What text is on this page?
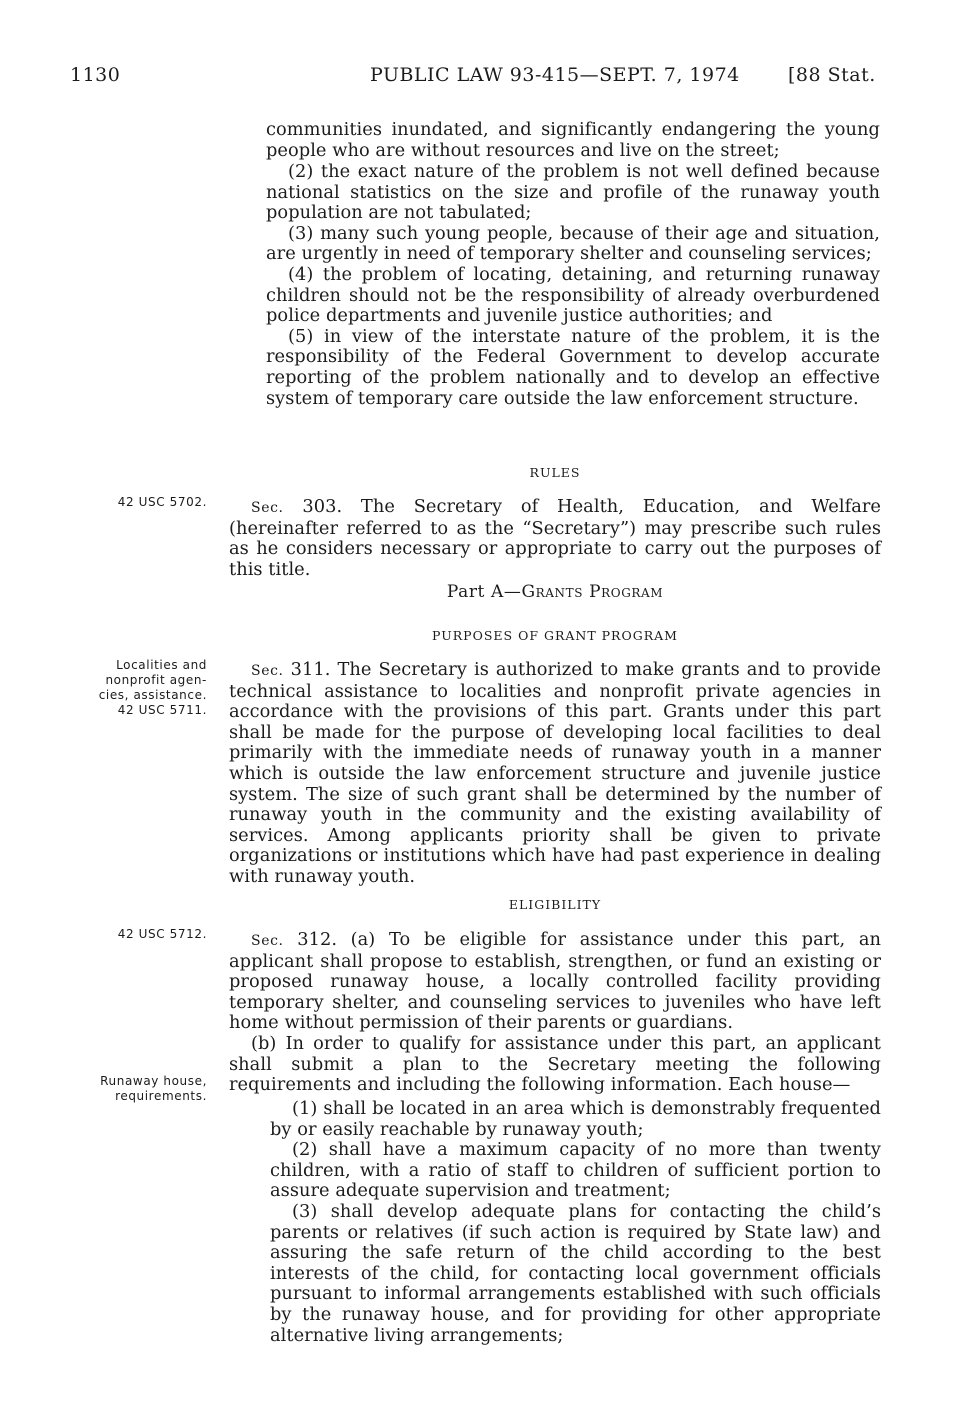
1130	PUBLIC LAW 93-415—SEPT. 7, 1974	[88 Stat.

communities inundated, and significantly endangering the young people who are without resources and live on the street;

(2) the exact nature of the problem is not well defined because national statistics on the size and profile of the runaway youth population are not tabulated;

(3) many such young people, because of their age and situation, are urgently in need of temporary shelter and counseling services;

(4) the problem of locating, detaining, and returning runaway children should not be the responsibility of already overburdened police departments and juvenile justice authorities; and

(5) in view of the interstate nature of the problem, it is the responsibility of the Federal Government to develop accurate reporting of the problem nationally and to develop an effective system of temporary care outside the law enforcement structure.

RULES
42 USC 5702.	Sec. 303. The Secretary of Health, Education, and Welfare (hereinafter referred to as the “Secretary”) may prescribe such rules as he considers necessary or appropriate to carry out the purposes of this title.
Part A—Grants Program
PURPOSES OF GRANT PROGRAM
Localities and
nonprofit agen-
cies, assistance.
42 USC 5711.
Sec. 311. The Secretary is authorized to make grants and to provide technical assistance to localities and nonprofit private agencies in accordance with the provisions of this part. Grants under this part shall be made for the purpose of developing local facilities to deal primarily with the immediate needs of runaway youth in a manner which is outside the law enforcement structure and juvenile justice system. The size of such grant shall be determined by the number of runaway youth in the community and the existing availability of services. Among applicants priority shall be given to private organizations or institutions which have had past experience in dealing with runaway youth.
ELIGIBILITY
42 USC 5712.	Sec. 312. (a) To be eligible for assistance under this part, an applicant shall propose to establish, strengthen, or fund an existing or proposed runaway house, a locally controlled facility providing temporary shelter, and counseling services to juveniles who have left home without permission of their parents or guardians.

(b) In order to qualify for assistance under this part, an applicant shall submit a plan to the Secretary meeting the following requirements and including the following information. Each house—

Runaway house,
requirements.

(1) shall be located in an area which is demonstrably frequented by or easily reachable by runaway youth;

(2) shall have a maximum capacity of no more than twenty children, with a ratio of staff to children of sufficient portion to assure adequate supervision and treatment;

(3) shall develop adequate plans for contacting the child’s parents or relatives (if such action is required by State law) and assuring the safe return of the child according to the best interests of the child, for contacting local government officials pursuant to informal arrangements established with such officials by the runaway house, and for providing for other appropriate alternative living arrangements;
